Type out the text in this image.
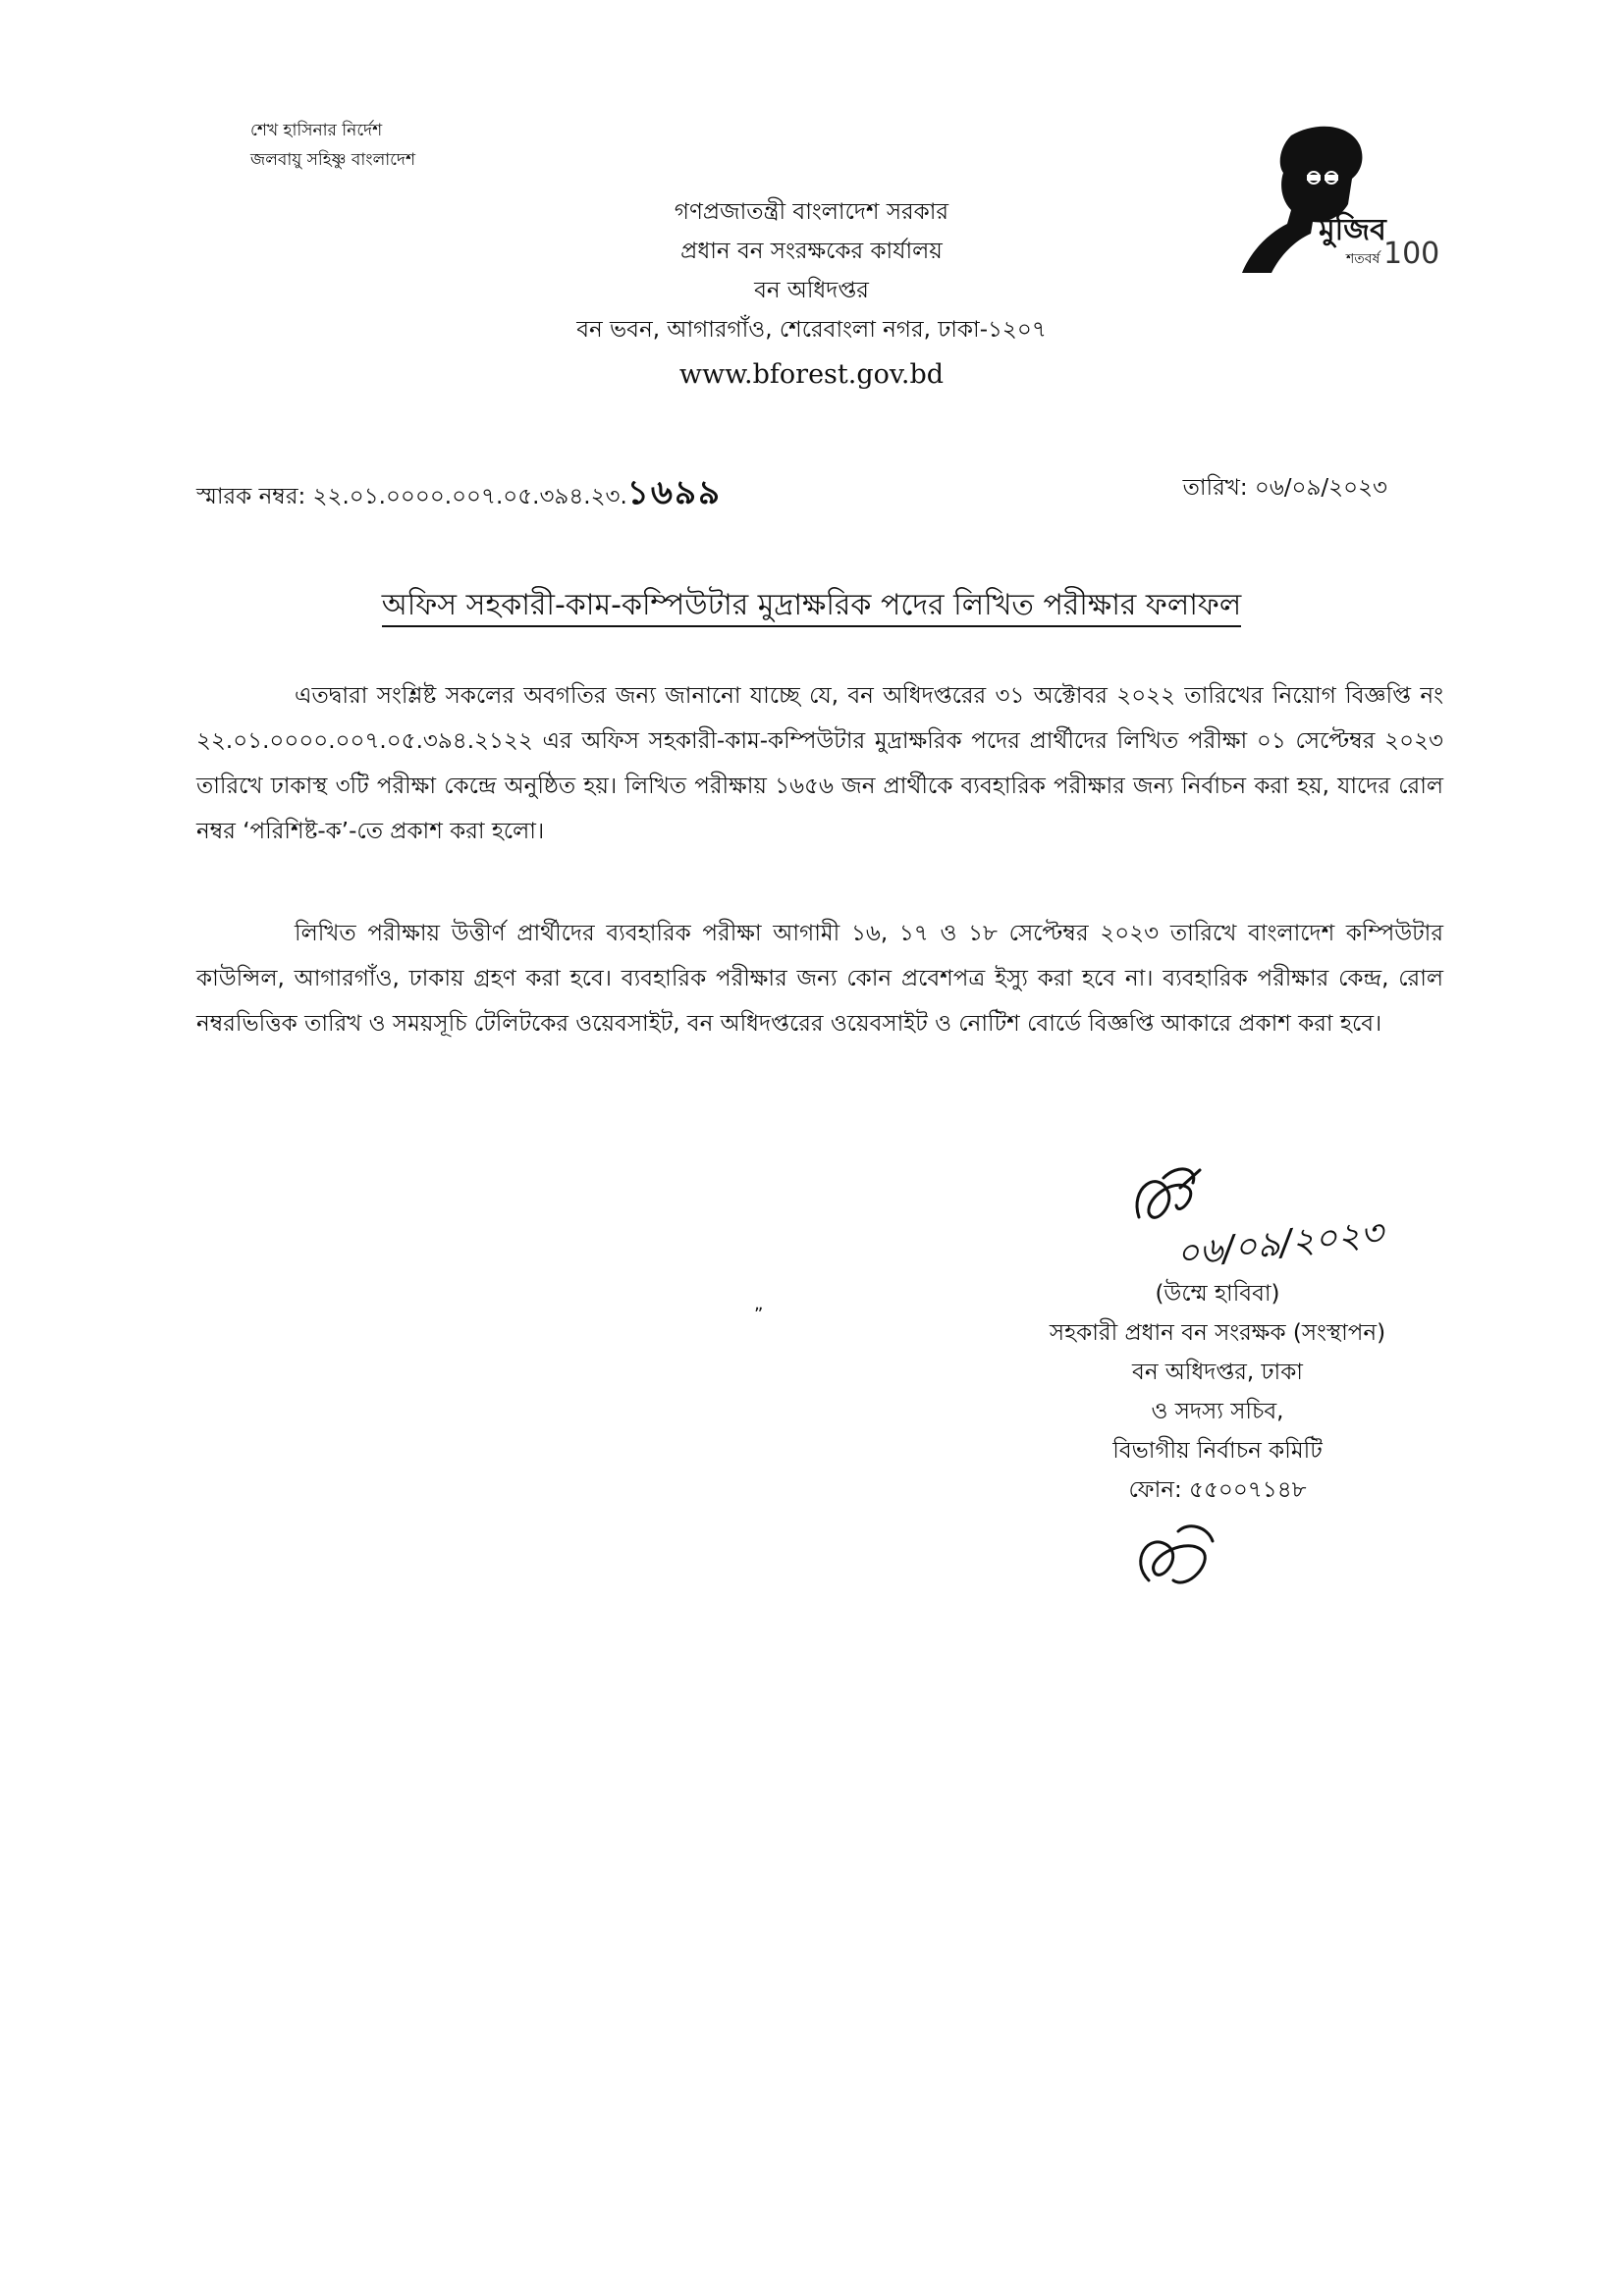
শেখ হাসিনার নির্দেশ
জলবায়ু সহিষ্ণু বাংলাদেশ
মুজিব
শতবর্ষ 100
গণপ্রজাতন্ত্রী বাংলাদেশ সরকার
প্রধান বন সংরক্ষকের কার্যালয়
বন অধিদপ্তর
বন ভবন, আগারগাঁও, শেরেবাংলা নগর, ঢাকা-১২০৭
www.bforest.gov.bd
স্মারক নম্বর: ২২.০১.০০০০.০০৭.০৫.৩৯৪.২৩.১৬৯৯	তারিখ: ০৬/০৯/২০২৩
অফিস সহকারী-কাম-কম্পিউটার মুদ্রাক্ষরিক পদের লিখিত পরীক্ষার ফলাফল
এতদ্বারা সংশ্লিষ্ট সকলের অবগতির জন্য জানানো যাচ্ছে যে, বন অধিদপ্তরের ৩১ অক্টোবর ২০২২ তারিখের নিয়োগ বিজ্ঞপ্তি নং ২২.০১.০০০০.০০৭.০৫.৩৯৪.২১২২ এর অফিস সহকারী-কাম-কম্পিউটার মুদ্রাক্ষরিক পদের প্রার্থীদের লিখিত পরীক্ষা ০১ সেপ্টেম্বর ২০২৩ তারিখে ঢাকাস্থ ৩টি পরীক্ষা কেন্দ্রে অনুষ্ঠিত হয়। লিখিত পরীক্ষায় ১৬৫৬ জন প্রার্থীকে ব্যবহারিক পরীক্ষার জন্য নির্বাচন করা হয়, যাদের রোল নম্বর ‘পরিশিষ্ট-ক’-তে প্রকাশ করা হলো।
লিখিত পরীক্ষায় উত্তীর্ণ প্রার্থীদের ব্যবহারিক পরীক্ষা আগামী ১৬, ১৭ ও ১৮ সেপ্টেম্বর ২০২৩ তারিখে বাংলাদেশ কম্পিউটার কাউন্সিল, আগারগাঁও, ঢাকায় গ্রহণ করা হবে। ব্যবহারিক পরীক্ষার জন্য কোন প্রবেশপত্র ইস্যু করা হবে না। ব্যবহারিক পরীক্ষার কেন্দ্র, রোল নম্বরভিত্তিক তারিখ ও সময়সূচি টেলিটকের ওয়েবসাইট, বন অধিদপ্তরের ওয়েবসাইট ও নোটিশ বোর্ডে বিজ্ঞপ্তি আকারে প্রকাশ করা হবে।
„
০৬/০৯/২০২৩
(উম্মে হাবিবা)
সহকারী প্রধান বন সংরক্ষক (সংস্থাপন)
বন অধিদপ্তর, ঢাকা
ও সদস্য সচিব,
বিভাগীয় নির্বাচন কমিটি
ফোন: ৫৫০০৭১৪৮
